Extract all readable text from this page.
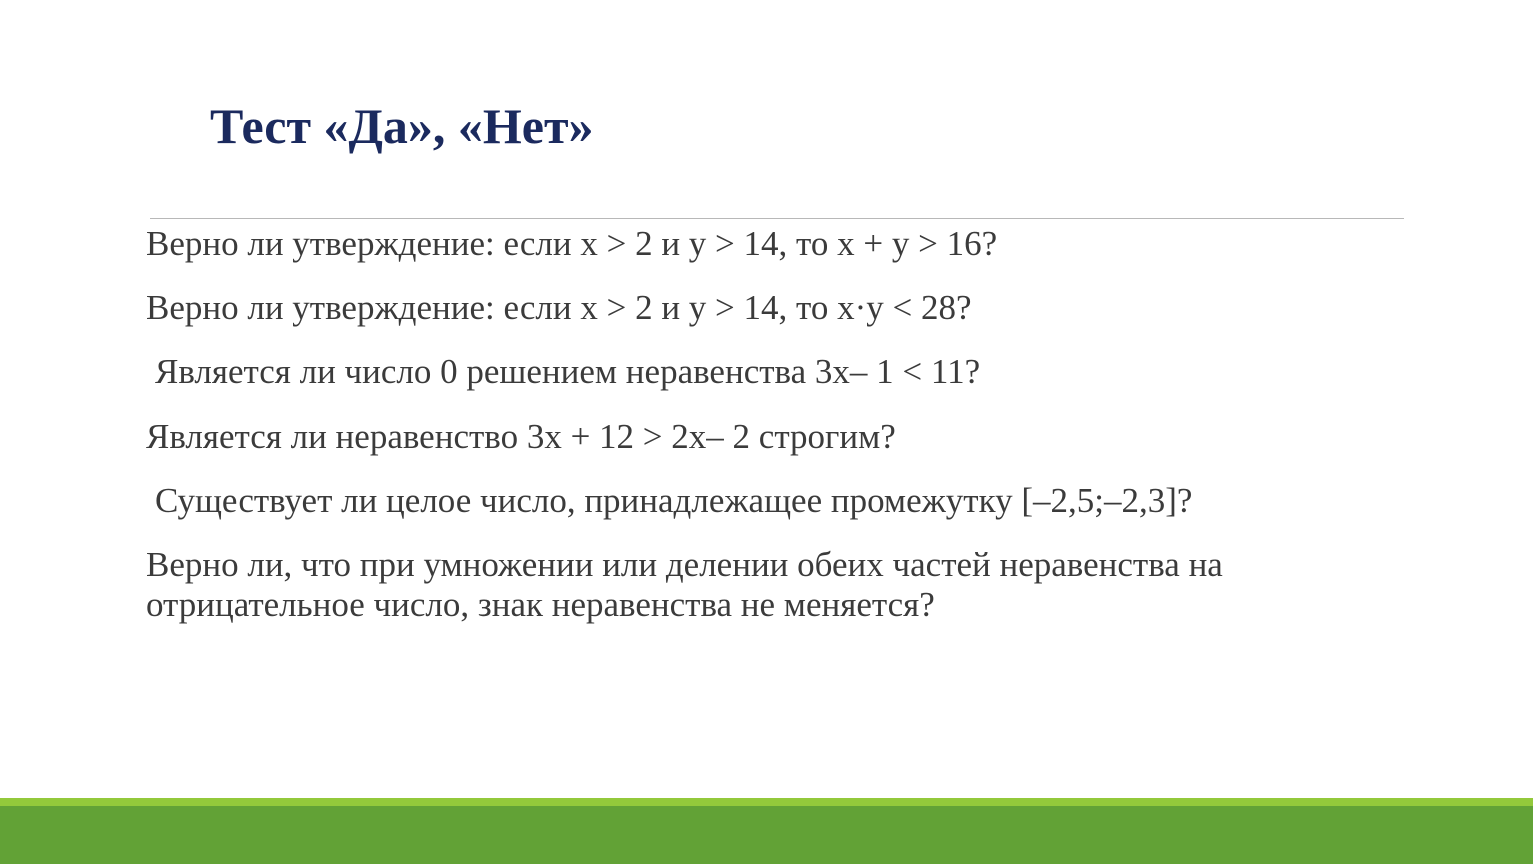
Тест «Да», «Нет»
Верно ли утверждение: если х > 2 и y > 14, то х + y > 16?
Верно ли утверждение: если х > 2 и y > 14, то х·y < 28?
Является ли число 0 решением неравенства 3х– 1 < 11?
Является ли неравенство 3х + 12 > 2х– 2 строгим?
Существует ли целое число, принадлежащее промежутку [–2,5;–2,3]?
Верно ли, что при умножении или делении обеих частей неравенства на отрицательное число, знак неравенства не меняется?
